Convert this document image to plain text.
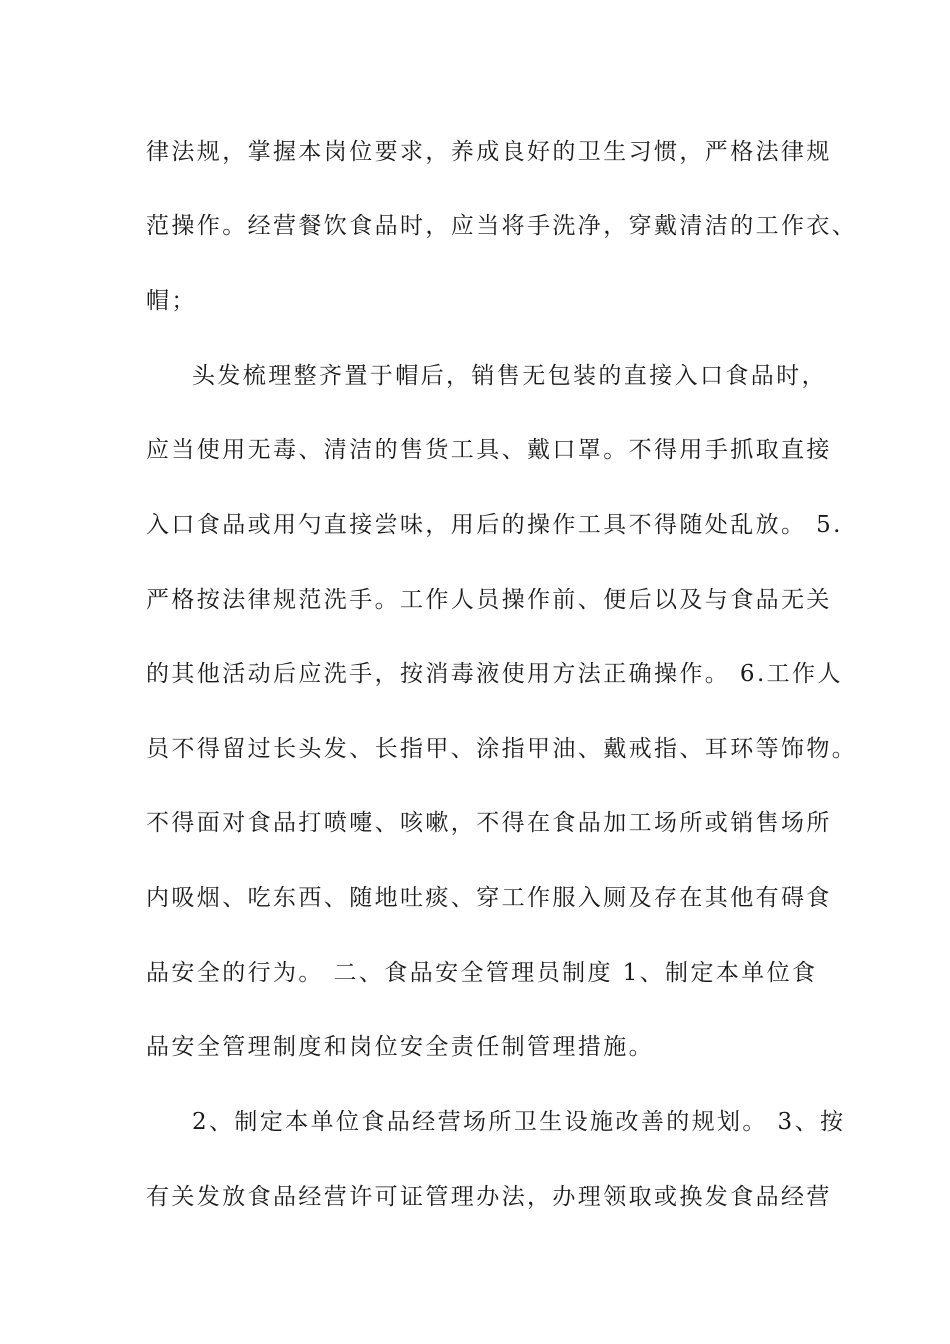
律法规，掌握本岗位要求，养成良好的卫生习惯，严格法律规
范操作。经营餐饮食品时，应当将手洗净，穿戴清洁的工作衣、
帽；
头发梳理整齐置于帽后，销售无包装的直接入口食品时，
应当使用无毒、清洁的售货工具、戴口罩。不得用手抓取直接
入口食品或用勺直接尝味，用后的操作工具不得随处乱放。 5.
严格按法律规范洗手。工作人员操作前、便后以及与食品无关
的其他活动后应洗手，按消毒液使用方法正确操作。 6.工作人
员不得留过长头发、长指甲、涂指甲油、戴戒指、耳环等饰物。
不得面对食品打喷嚏、咳嗽，不得在食品加工场所或销售场所
内吸烟、吃东西、随地吐痰、穿工作服入厕及存在其他有碍食
品安全的行为。 二、食品安全管理员制度 1、制定本单位食
品安全管理制度和岗位安全责任制管理措施。
2、制定本单位食品经营场所卫生设施改善的规划。 3、按
有关发放食品经营许可证管理办法，办理领取或换发食品经营
